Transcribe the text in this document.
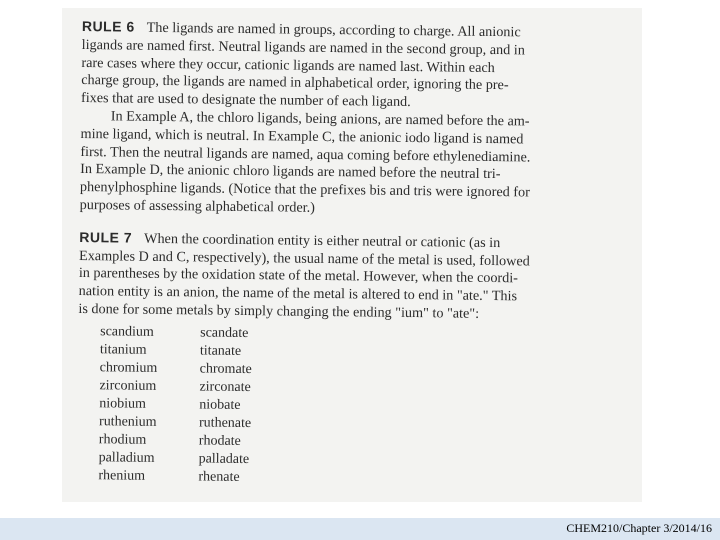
RULE 6 The ligands are named in groups, according to charge. All anionic
ligands are named first. Neutral ligands are named in the second group, and in
rare cases where they occur, cationic ligands are named last. Within each
charge group, the ligands are named in alphabetical order, ignoring the pre-
fixes that are used to designate the number of each ligand.
In Example A, the chloro ligands, being anions, are named before the am-
mine ligand, which is neutral. In Example C, the anionic iodo ligand is named
first. Then the neutral ligands are named, aqua coming before ethylenediamine.
In Example D, the anionic chloro ligands are named before the neutral tri-
phenylphosphine ligands. (Notice that the prefixes bis and tris were ignored for
purposes of assessing alphabetical order.)
RULE 7 When the coordination entity is either neutral or cationic (as in
Examples D and C, respectively), the usual name of the metal is used, followed
in parentheses by the oxidation state of the metal. However, when the coordi-
nation entity is an anion, the name of the metal is altered to end in "ate." This
is done for some metals by simply changing the ending "ium" to "ate":
scandium	scandate
titanium	titanate
chromium	chromate
zirconium	zirconate
niobium	niobate
ruthenium	ruthenate
rhodium	rhodate
palladium	palladate
rhenium	rhenate
CHEM210/Chapter 3/2014/16
